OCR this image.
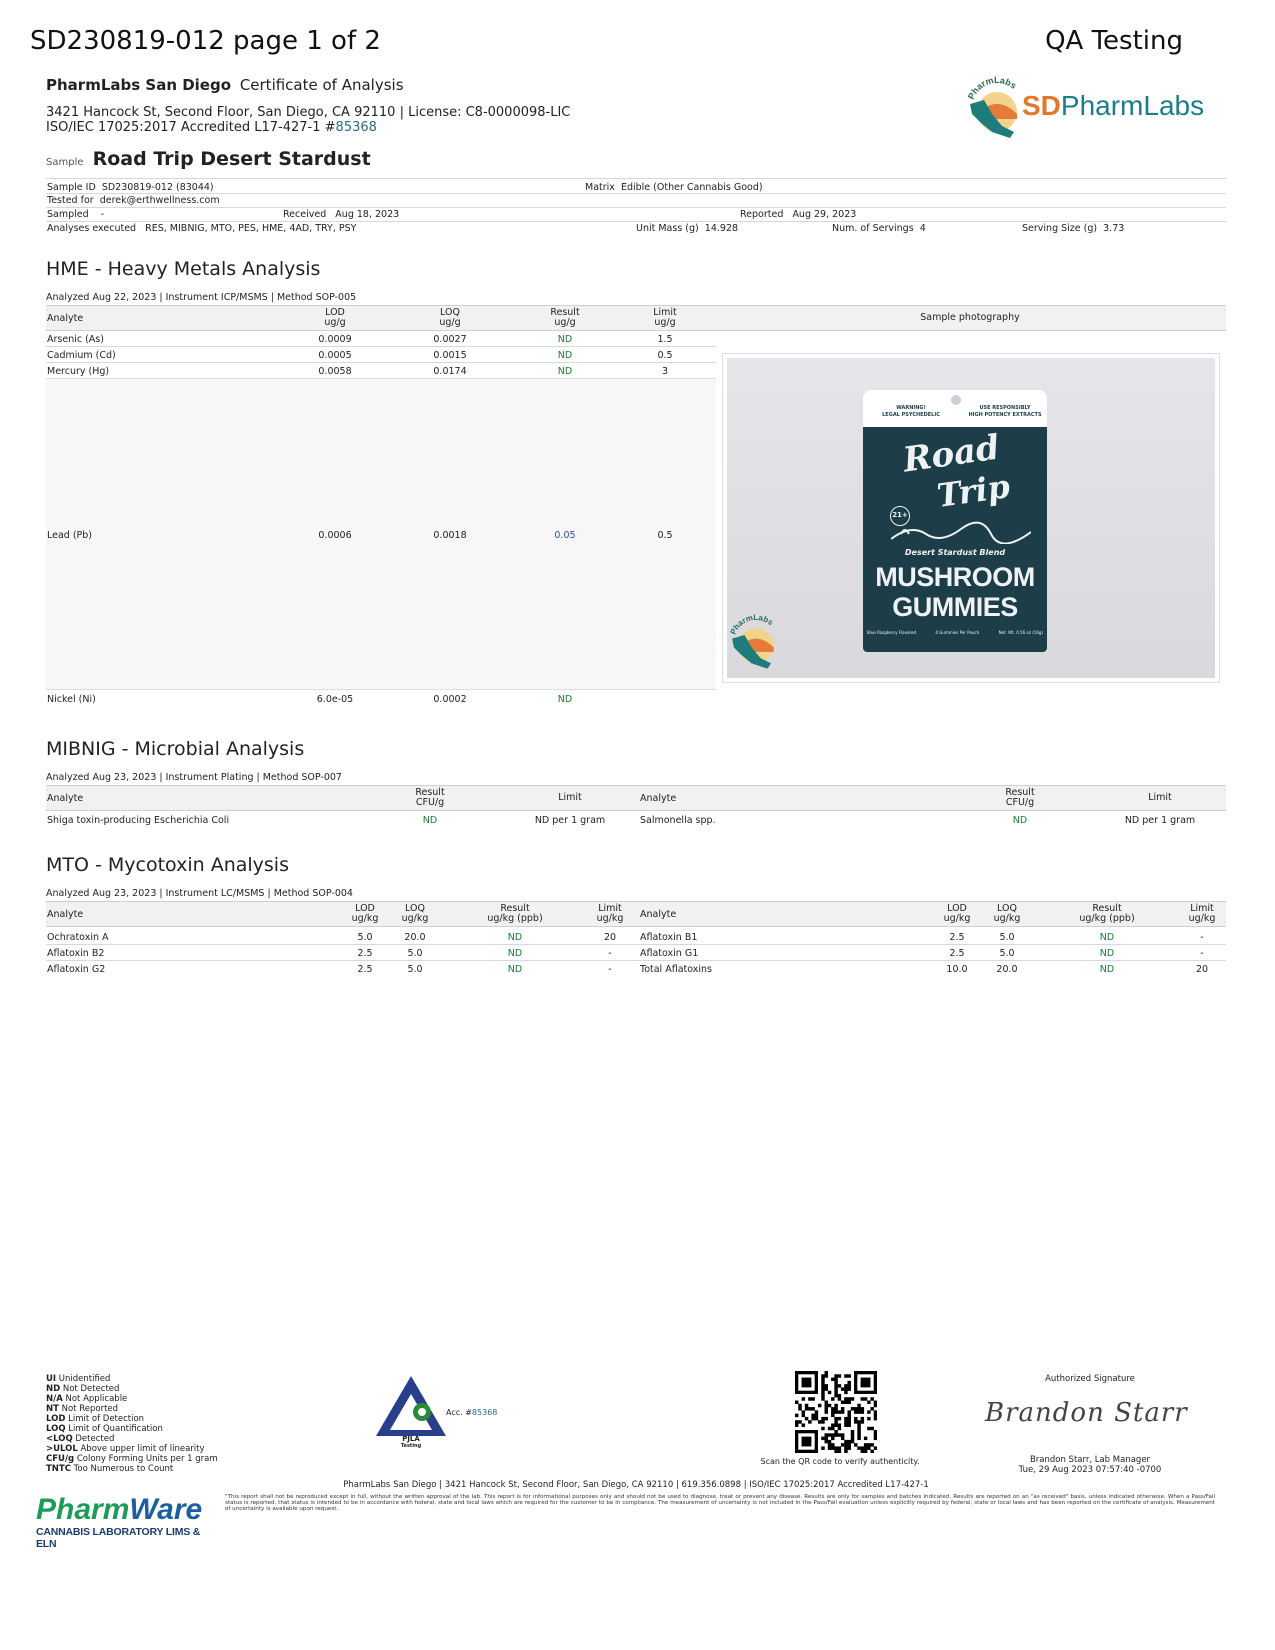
SD230819-012 page 1 of 2	QA Testing
PharmLabs San Diego Certificate of Analysis
3421 Hancock St, Second Floor, San Diego, CA 92110 | License: C8-0000098-LIC
ISO/IEC 17025:2017 Accredited L17-427-1 #85368
PharmLabs
SDPharmLabs
Sample Road Trip Desert Stardust
Sample ID SD230819-012 (83044)	Matrix Edible (Other Cannabis Good)
Tested for derek@erthwellness.com
Sampled -	Received Aug 18, 2023	Reported Aug 29, 2023
Analyses executed RES, MIBNIG, MTO, PES, HME, 4AD, TRY, PSY	Unit Mass (g) 14.928	Num. of Servings 4	Serving Size (g) 3.73
HME - Heavy Metals Analysis
Analyzed Aug 22, 2023 | Instrument ICP/MSMS | Method SOP-005
Analyte
LOD
ug/g
LOQ
ug/g
Result
ug/g
Limit
ug/g	Sample photography
Arsenic (As)	0.0009	0.0027	ND	1.5
Cadmium (Cd)	0.0005	0.0015	ND	0.5
Mercury (Hg)	0.0058	0.0174	ND	3
Lead (Pb)	0.0006	0.0018	0.05	0.5
Nickel (Ni)	6.0e-05	0.0002	ND
WARNING!
LEGAL PSYCHEDELIC
USE RESPONSIBLY
HIGH POTENCY EXTRACTS
Road
Trip
21+
Desert Stardust Blend
MUSHROOM
GUMMIES
Blue Raspberry Flavored	4 Gummies Per Pouch	Net. Wt. 0.56 oz (16g)
PharmLabs
MIBNIG - Microbial Analysis
Analyzed Aug 23, 2023 | Instrument Plating | Method SOP-007
Analyte
Result
CFU/g	Limit	Analyte
Result
CFU/g	Limit
Shiga toxin-producing Escherichia Coli	ND	ND per 1 gram	Salmonella spp.	ND	ND per 1 gram
MTO - Mycotoxin Analysis
Analyzed Aug 23, 2023 | Instrument LC/MSMS | Method SOP-004
Analyte
LOD
ug/kg
LOQ
ug/kg
Result
ug/kg (ppb)
Limit
ug/kg	Analyte
LOD
ug/kg
LOQ
ug/kg
Result
ug/kg (ppb)
Limit
ug/kg
Ochratoxin A	5.0	20.0	ND	20	Aflatoxin B1	2.5	5.0	ND	-
Aflatoxin B2	2.5	5.0	ND	-	Aflatoxin G1	2.5	5.0	ND	-
Aflatoxin G2	2.5	5.0	ND	-	Total Aflatoxins	10.0	20.0	ND	20
UI Unidentified
ND Not Detected
N/A Not Applicable
NT Not Reported
LOD Limit of Detection
LOQ Limit of Quantification
<LOQ Detected
>ULOL Above upper limit of linearity
CFU/g Colony Forming Units per 1 gram
TNTC Too Numerous to Count
PJLA
Testing
Acc. #85368
Scan the QR code to verify authenticity.
Authorized Signature
Brandon Starr
Brandon Starr, Lab Manager
Tue, 29 Aug 2023 07:57:40 -0700
PharmLabs San Diego | 3421 Hancock St, Second Floor, San Diego, CA 92110 | 619.356.0898 | ISO/IEC 17025:2017 Accredited L17-427-1
PharmWare
CANNABIS LABORATORY LIMS & ELN
"This report shall not be reproduced except in full, without the written approval of the lab. This report is for informational purposes only and should not be used to diagnose, treat or prevent any disease. Results are only for samples and batches indicated. Results are reported on an "as received" basis, unless indicated otherwise. When a Pass/Fail status is reported, that status is intended to be in accordance with federal, state and local laws which are required for the customer to be in compliance. The measurement of uncertainty is not included in the Pass/Fail evaluation unless explicitly required by federal, state or local laws and has been reported on the certificate of analysis. Measurement of uncertainty is available upon request.
